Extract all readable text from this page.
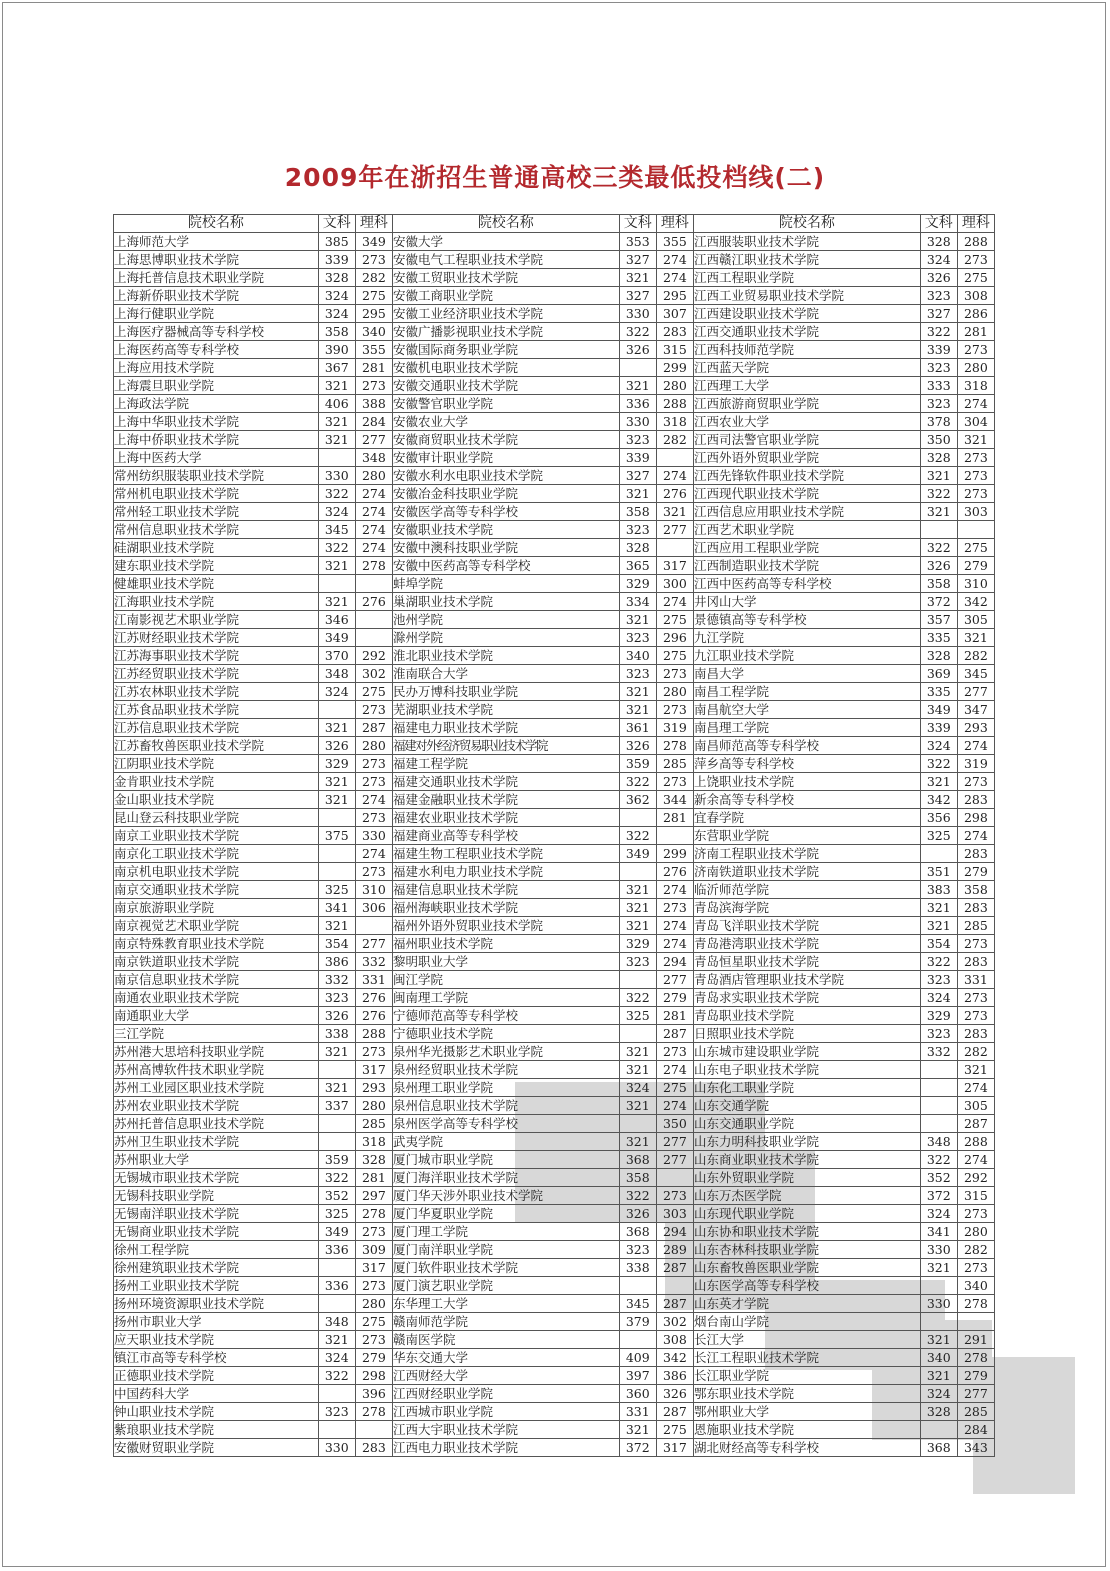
2009年在浙招生普通高校三类最低投档线(二)
院校名称	文科	理科	院校名称	文科	理科	院校名称	文科	理科
上海师范大学	385	349	安徽大学	353	355	江西服装职业技术学院	328	288
上海思博职业技术学院	339	273	安徽电气工程职业技术学院	327	274	江西赣江职业技术学院	324	273
上海托普信息技术职业学院	328	282	安徽工贸职业技术学院	321	274	江西工程职业学院	326	275
上海新侨职业技术学院	324	275	安徽工商职业学院	327	295	江西工业贸易职业技术学院	323	308
上海行健职业学院	324	295	安徽工业经济职业技术学院	330	307	江西建设职业技术学院	327	286
上海医疗器械高等专科学校	358	340	安徽广播影视职业技术学院	322	283	江西交通职业技术学院	322	281
上海医药高等专科学校	390	355	安徽国际商务职业学院	326	315	江西科技师范学院	339	273
上海应用技术学院	367	281	安徽机电职业技术学院		299	江西蓝天学院	323	280
上海震旦职业学院	321	273	安徽交通职业技术学院	321	280	江西理工大学	333	318
上海政法学院	406	388	安徽警官职业学院	336	288	江西旅游商贸职业学院	323	274
上海中华职业技术学院	321	284	安徽农业大学	330	318	江西农业大学	378	304
上海中侨职业技术学院	321	277	安徽商贸职业技术学院	323	282	江西司法警官职业学院	350	321
上海中医药大学		348	安徽审计职业学院	339		江西外语外贸职业学院	328	273
常州纺织服装职业技术学院	330	280	安徽水利水电职业技术学院	327	274	江西先锋软件职业技术学院	321	273
常州机电职业技术学院	322	274	安徽冶金科技职业学院	321	276	江西现代职业技术学院	322	273
常州轻工职业技术学院	324	274	安徽医学高等专科学校	358	321	江西信息应用职业技术学院	321	303
常州信息职业技术学院	345	274	安徽职业技术学院	323	277	江西艺术职业学院		
硅湖职业技术学院	322	274	安徽中澳科技职业学院	328		江西应用工程职业学院	322	275
建东职业技术学院	321	278	安徽中医药高等专科学校	365	317	江西制造职业技术学院	326	279
健雄职业技术学院			蚌埠学院	329	300	江西中医药高等专科学校	358	310
江海职业技术学院	321	276	巢湖职业技术学院	334	274	井冈山大学	372	342
江南影视艺术职业学院	346		池州学院	321	275	景德镇高等专科学校	357	305
江苏财经职业技术学院	349		滁州学院	323	296	九江学院	335	321
江苏海事职业技术学院	370	292	淮北职业技术学院	340	275	九江职业技术学院	328	282
江苏经贸职业技术学院	348	302	淮南联合大学	323	273	南昌大学	369	345
江苏农林职业技术学院	324	275	民办万博科技职业学院	321	280	南昌工程学院	335	277
江苏食品职业技术学院		273	芜湖职业技术学院	321	273	南昌航空大学	349	347
江苏信息职业技术学院	321	287	福建电力职业技术学院	361	319	南昌理工学院	339	293
江苏畜牧兽医职业技术学院	326	280	福建对外经济贸易职业技术学院	326	278	南昌师范高等专科学校	324	274
江阴职业技术学院	329	273	福建工程学院	359	285	萍乡高等专科学校	322	319
金肯职业技术学院	321	273	福建交通职业技术学院	322	273	上饶职业技术学院	321	273
金山职业技术学院	321	274	福建金融职业技术学院	362	344	新余高等专科学校	342	283
昆山登云科技职业学院		273	福建农业职业技术学院		281	宜春学院	356	298
南京工业职业技术学院	375	330	福建商业高等专科学校	322		东营职业学院	325	274
南京化工职业技术学院		274	福建生物工程职业技术学院	349	299	济南工程职业技术学院		283
南京机电职业技术学院		273	福建水利电力职业技术学院		276	济南铁道职业技术学院	351	279
南京交通职业技术学院	325	310	福建信息职业技术学院	321	274	临沂师范学院	383	358
南京旅游职业学院	341	306	福州海峡职业技术学院	321	273	青岛滨海学院	321	283
南京视觉艺术职业学院	321		福州外语外贸职业技术学院	321	274	青岛飞洋职业技术学院	321	285
南京特殊教育职业技术学院	354	277	福州职业技术学院	329	274	青岛港湾职业技术学院	354	273
南京铁道职业技术学院	386	332	黎明职业大学	323	294	青岛恒星职业技术学院	322	283
南京信息职业技术学院	332	331	闽江学院		277	青岛酒店管理职业技术学院	323	331
南通农业职业技术学院	323	276	闽南理工学院	322	279	青岛求实职业技术学院	324	273
南通职业大学	326	276	宁德师范高等专科学校	325	281	青岛职业技术学院	329	273
三江学院	338	288	宁德职业技术学院		287	日照职业技术学院	323	283
苏州港大思培科技职业学院	321	273	泉州华光摄影艺术职业学院	321	273	山东城市建设职业学院	332	282
苏州高博软件技术职业学院		317	泉州经贸职业技术学院	321	274	山东电子职业技术学院		321
苏州工业园区职业技术学院	321	293	泉州理工职业学院	324	275	山东化工职业学院		274
苏州农业职业技术学院	337	280	泉州信息职业技术学院	321	274	山东交通学院		305
苏州托普信息职业技术学院		285	泉州医学高等专科学校		350	山东交通职业学院		287
苏州卫生职业技术学院		318	武夷学院	321	277	山东力明科技职业学院	348	288
苏州职业大学	359	328	厦门城市职业学院	368	277	山东商业职业技术学院	322	274
无锡城市职业技术学院	322	281	厦门海洋职业技术学院	358		山东外贸职业学院	352	292
无锡科技职业学院	352	297	厦门华天涉外职业技术学院	322	273	山东万杰医学院	372	315
无锡南洋职业技术学院	325	278	厦门华夏职业学院	326	303	山东现代职业学院	324	273
无锡商业职业技术学院	349	273	厦门理工学院	368	294	山东协和职业技术学院	341	280
徐州工程学院	336	309	厦门南洋职业学院	323	289	山东杏林科技职业学院	330	282
徐州建筑职业技术学院		317	厦门软件职业技术学院	338	287	山东畜牧兽医职业学院	321	273
扬州工业职业技术学院	336	273	厦门演艺职业学院			山东医学高等专科学校		340
扬州环境资源职业技术学院		280	东华理工大学	345	287	山东英才学院	330	278
扬州市职业大学	348	275	赣南师范学院	379	302	烟台南山学院		
应天职业技术学院	321	273	赣南医学院		308	长江大学	321	291
镇江市高等专科学校	324	279	华东交通大学	409	342	长江工程职业技术学院	340	278
正德职业技术学院	322	298	江西财经大学	397	386	长江职业学院	321	279
中国药科大学		396	江西财经职业学院	360	326	鄂东职业技术学院	324	277
钟山职业技术学院	323	278	江西城市职业学院	331	287	鄂州职业大学	328	285
紫琅职业技术学院			江西大宇职业技术学院	321	275	恩施职业技术学院		284
安徽财贸职业学院	330	283	江西电力职业技术学院	372	317	湖北财经高等专科学校	368	343
